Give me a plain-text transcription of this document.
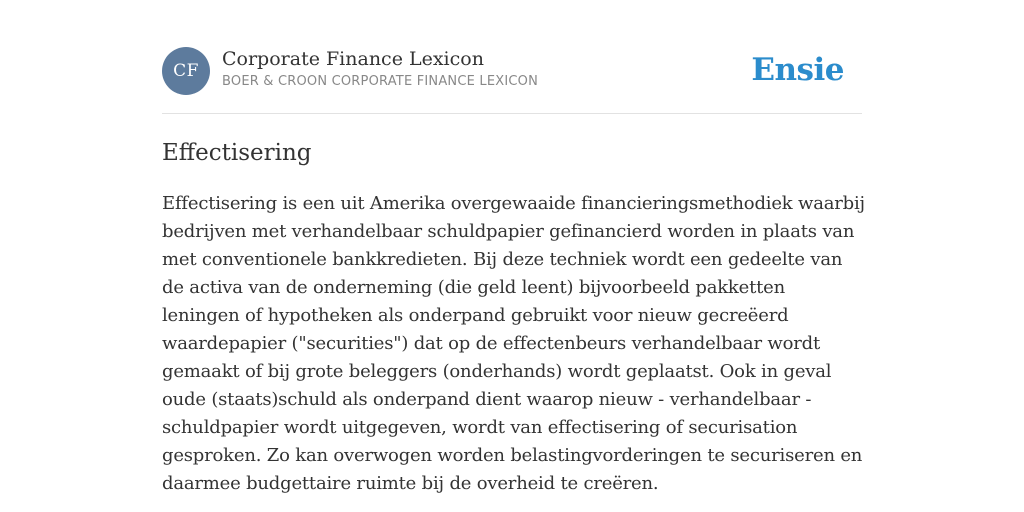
CF
Corporate Finance Lexicon
BOER & CROON CORPORATE FINANCE LEXICON	Ensie
Effectisering

Effectisering is een uit Amerika overgewaaide financieringsmethodiek waarbij bedrijven met verhandelbaar schuldpapier gefinancierd worden in plaats van met conventionele bankkredieten. Bij deze techniek wordt een gedeelte van de activa van de onderneming (die geld leent) bijvoorbeeld pakketten leningen of hypotheken als onderpand gebruikt voor nieuw gecreëerd waardepapier ("securities") dat op de effectenbeurs verhandelbaar wordt gemaakt of bij grote beleggers (onderhands) wordt geplaatst. Ook in geval oude (staats)schuld als onderpand dient waarop nieuw - verhandelbaar - schuldpapier wordt uitgegeven, wordt van effectisering of securisation gesproken. Zo kan overwogen worden belastingvorderingen te securiseren en daarmee budgettaire ruimte bij de overheid te creëren.
